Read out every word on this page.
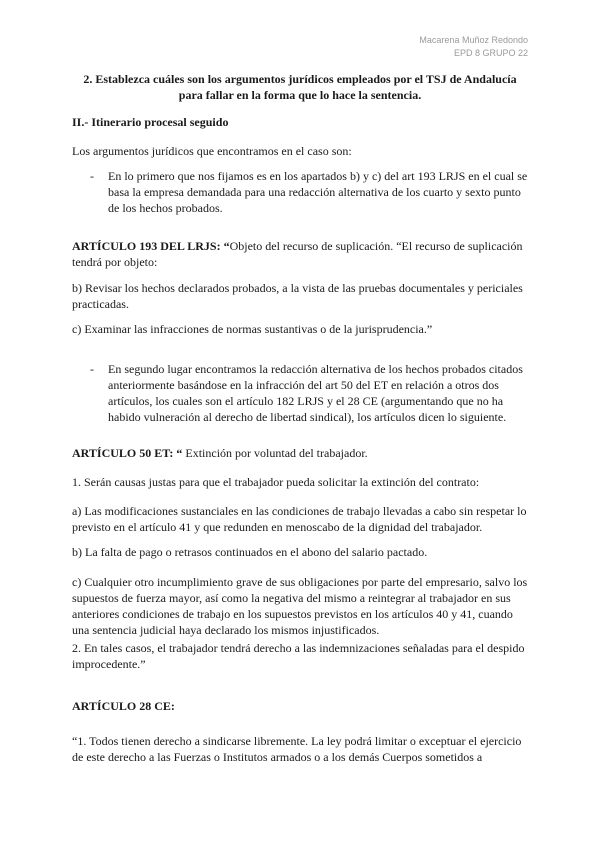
Macarena Muñoz Redondo
EPD 8 GRUPO 22

2. Establezca cuáles son los argumentos jurídicos empleados por el TSJ de Andalucía
para fallar en la forma que lo hace la sentencia.

II.- Itinerario procesal seguido

Los argumentos jurídicos que encontramos en el caso son:

- En lo primero que nos fijamos es en los apartados b) y c) del art 193 LRJS en el cual se basa la empresa demandada para una redacción alternativa de los cuarto y sexto punto de los hechos probados.

ARTÍCULO 193 DEL LRJS: “Objeto del recurso de suplicación. “El recurso de suplicación tendrá por objeto:

b) Revisar los hechos declarados probados, a la vista de las pruebas documentales y periciales practicadas.

c) Examinar las infracciones de normas sustantivas o de la jurisprudencia.”

- En segundo lugar encontramos la redacción alternativa de los hechos probados citados anteriormente basándose en la infracción del art 50 del ET en relación a otros dos artículos, los cuales son el artículo 182 LRJS y el 28 CE (argumentando que no ha habido vulneración al derecho de libertad sindical), los artículos dicen lo siguiente.

ARTÍCULO 50 ET: “ Extinción por voluntad del trabajador.

1. Serán causas justas para que el trabajador pueda solicitar la extinción del contrato:

a) Las modificaciones sustanciales en las condiciones de trabajo llevadas a cabo sin respetar lo previsto en el artículo 41 y que redunden en menoscabo de la dignidad del trabajador.

b) La falta de pago o retrasos continuados en el abono del salario pactado.

c) Cualquier otro incumplimiento grave de sus obligaciones por parte del empresario, salvo los supuestos de fuerza mayor, así como la negativa del mismo a reintegrar al trabajador en sus anteriores condiciones de trabajo en los supuestos previstos en los artículos 40 y 41, cuando una sentencia judicial haya declarado los mismos injustificados.

2. En tales casos, el trabajador tendrá derecho a las indemnizaciones señaladas para el despido improcedente.”

ARTÍCULO 28 CE:

“1. Todos tienen derecho a sindicarse libremente. La ley podrá limitar o exceptuar el ejercicio de este derecho a las Fuerzas o Institutos armados o a los demás Cuerpos sometidos a
